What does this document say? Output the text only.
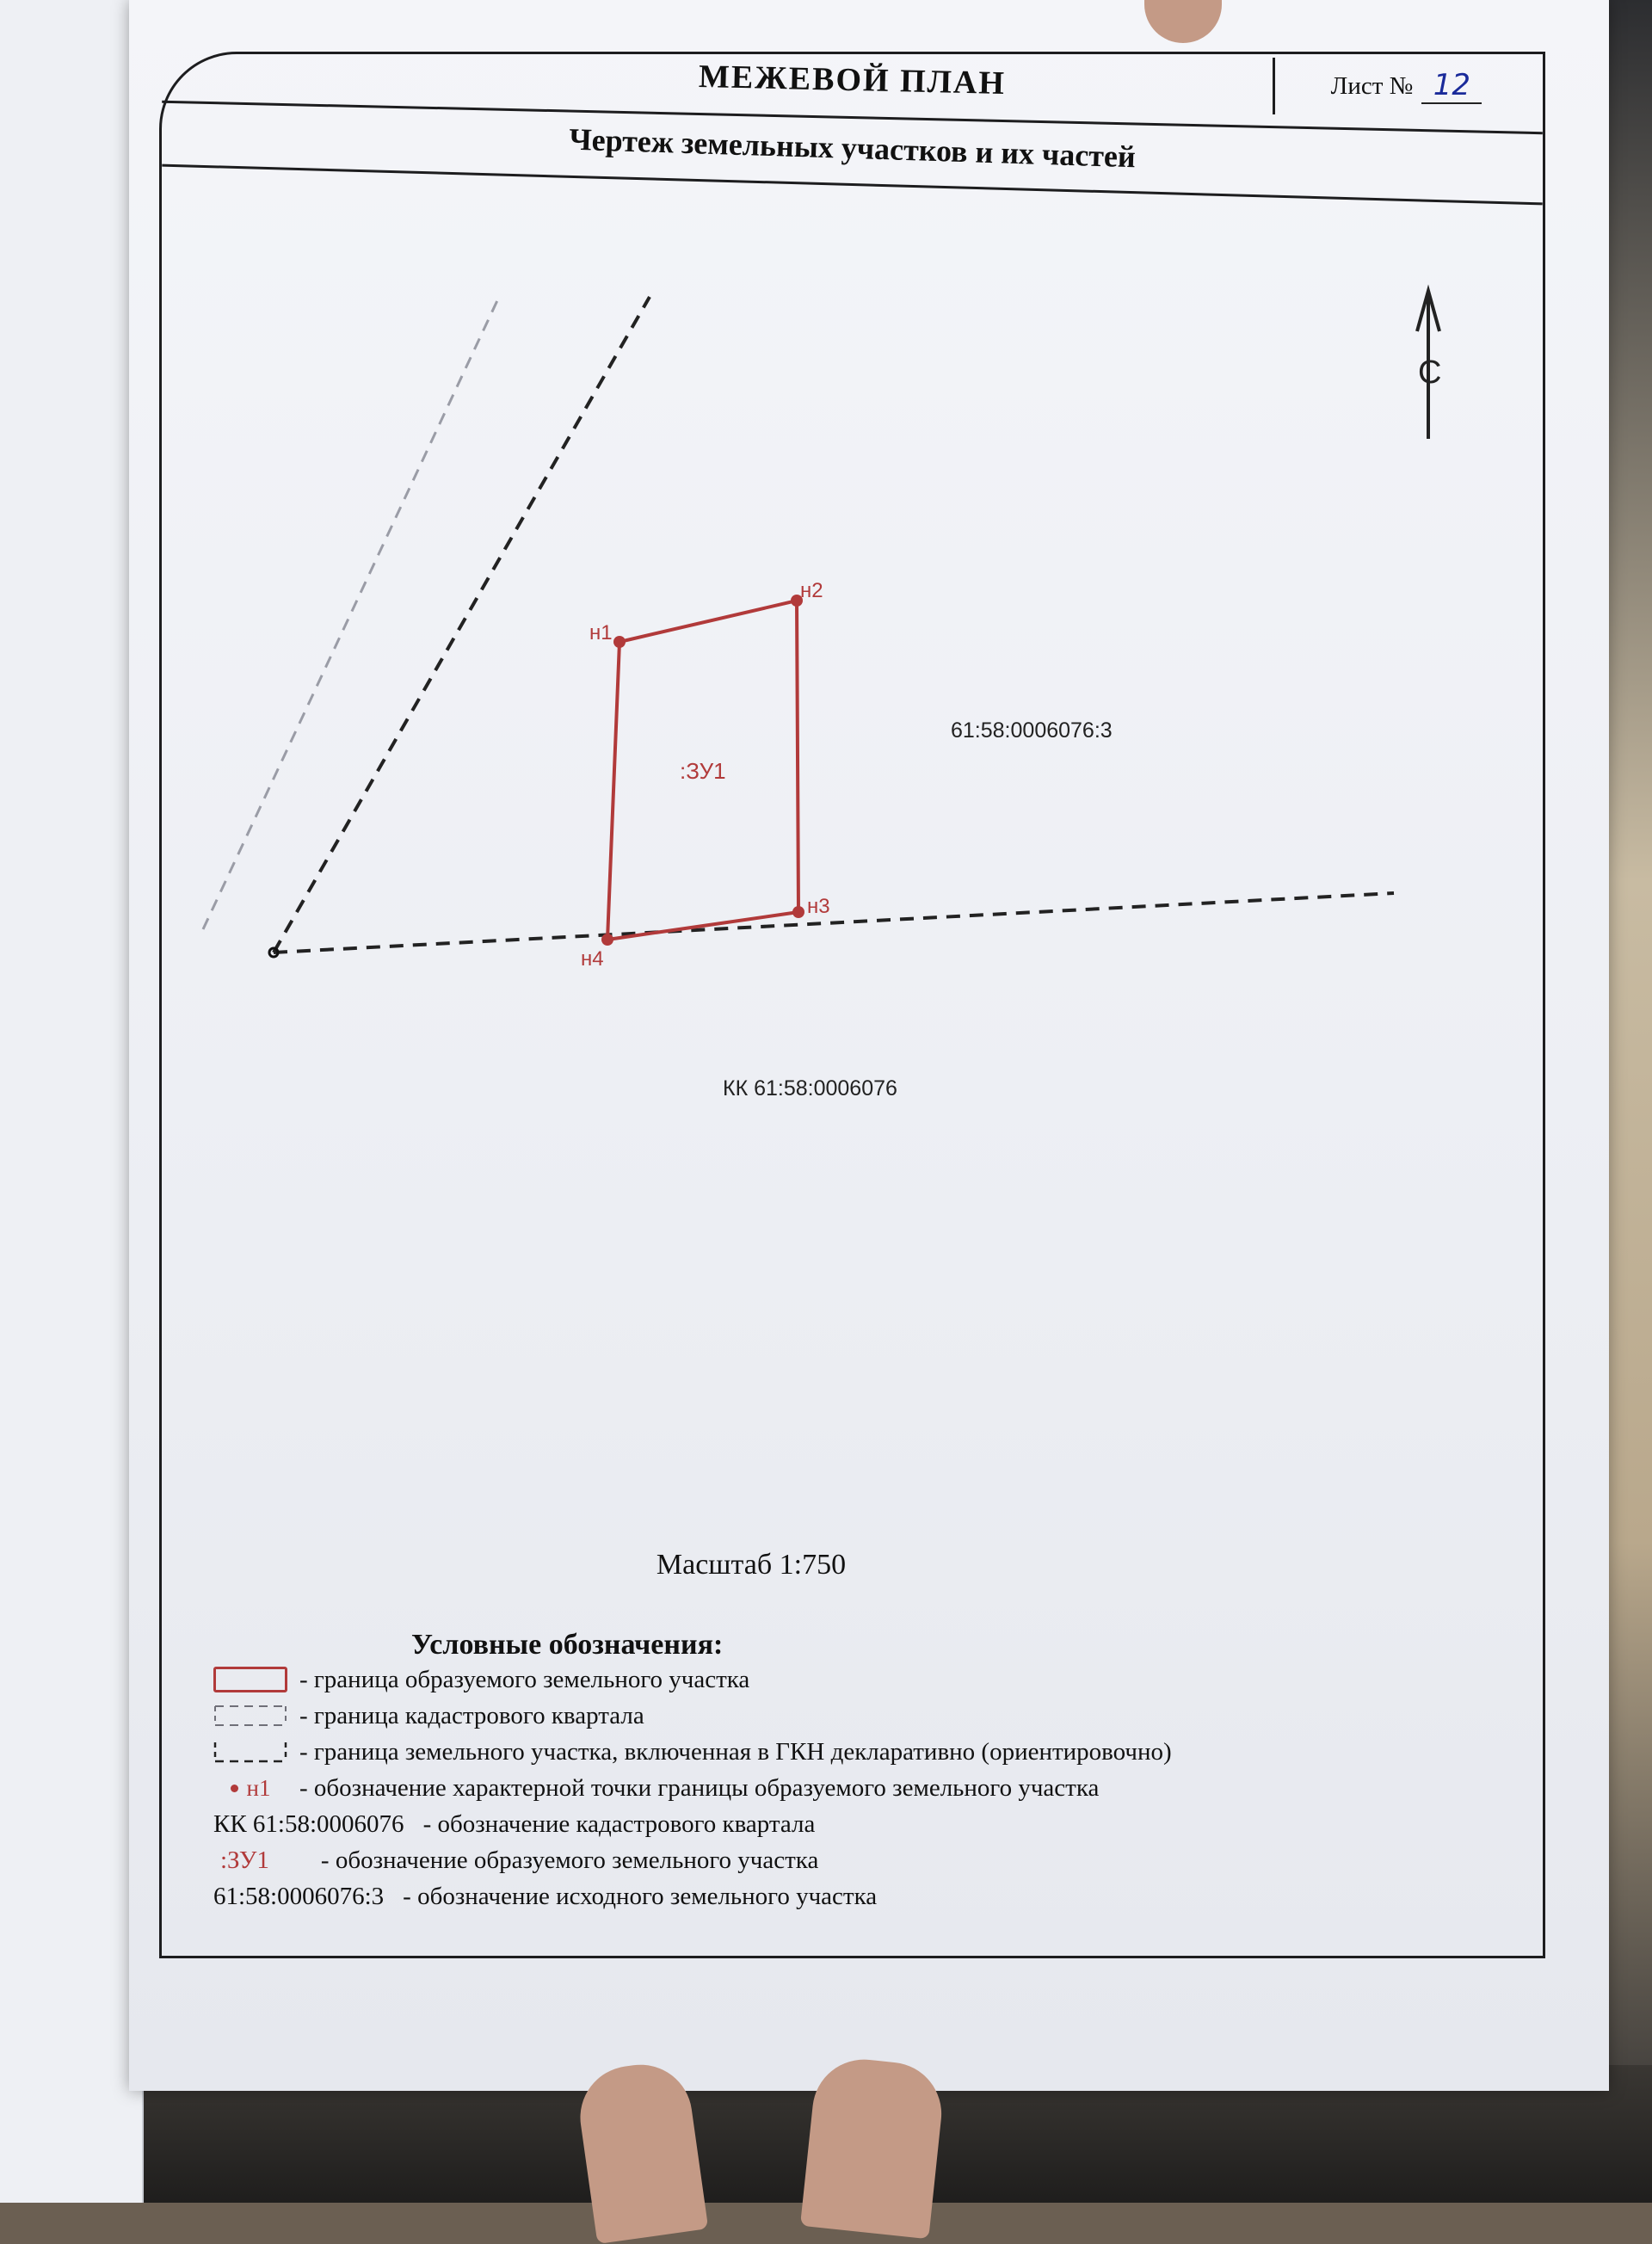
МЕЖЕВОЙ ПЛАН	Лист № 12
Чертеж земельных участков и их частей
Масштаб 1:750
Условные обозначения:
- граница образуемого земельного участка
- граница кадастрового квартала
- граница земельного участка, включенная в ГКН декларативно (ориентировочно)
н1 - обозначение характерной точки границы образуемого земельного участка
КК 61:58:0006076 - обозначение кадастрового квартала
:ЗУ1 - обозначение образуемого земельного участка
61:58:0006076:3 - обозначение исходного земельного участка
С
н1
н2
н3
н4
:ЗУ1
61:58:0006076:3
КК 61:58:0006076
